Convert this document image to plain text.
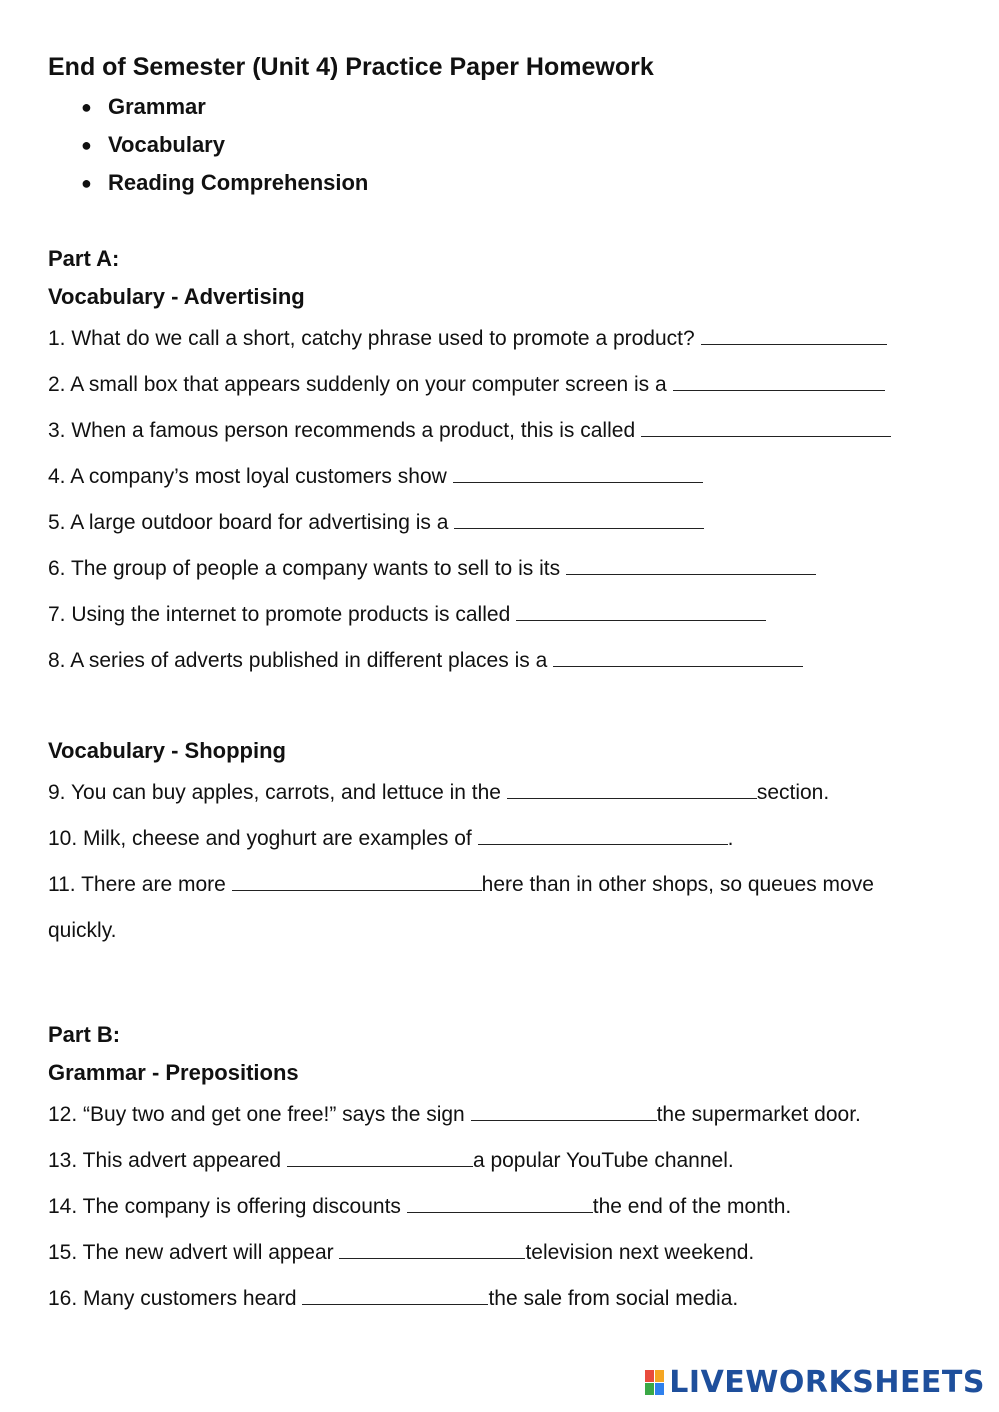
End of Semester (Unit 4) Practice Paper Homework
● Grammar
● Vocabulary
● Reading Comprehension

Part A:

Vocabulary - Advertising

1. What do we call a short, catchy phrase used to promote a product?

2. A small box that appears suddenly on your computer screen is a

3. When a famous person recommends a product, this is called

4. A company’s most loyal customers show

5. A large outdoor board for advertising is a

6. The group of people a company wants to sell to is its

7. Using the internet to promote products is called

8. A series of adverts published in different places is a

Vocabulary - Shopping

9. You can buy apples, carrots, and lettuce in the	section.

10. Milk, cheese and yoghurt are examples of	.

11. There are more	here than in other shops, so queues move

quickly.

Part B:

Grammar - Prepositions

12. “Buy two and get one free!” says the sign	the supermarket door.

13. This advert appeared	a popular YouTube channel.

14. The company is offering discounts	the end of the month.

15. The new advert will appear	television next weekend.

16. Many customers heard	the sale from social media.

LIVEWORKSHEETS
